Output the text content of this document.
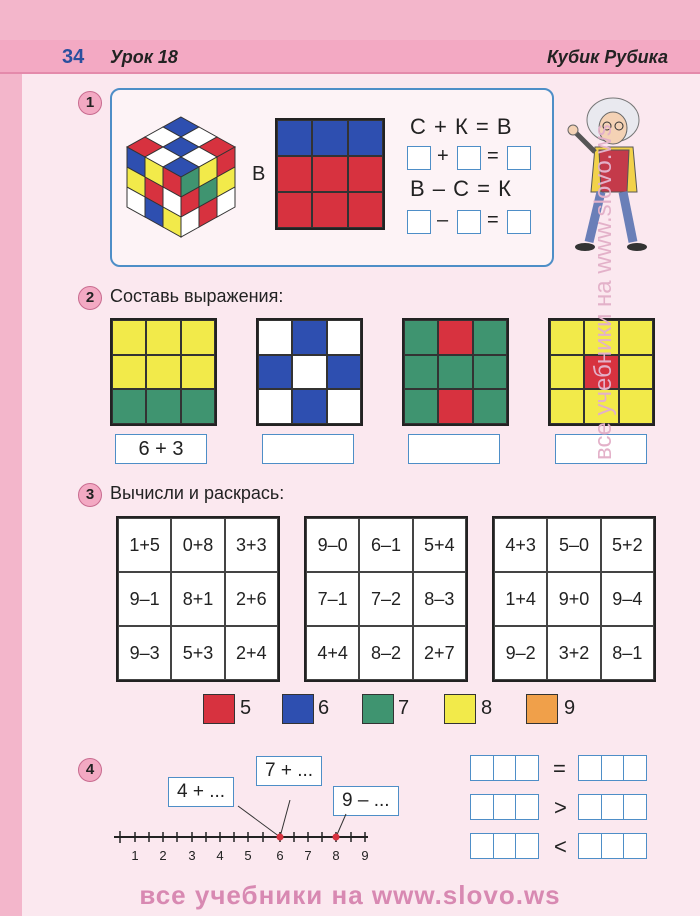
34 Урок 18	Кубик Рубика
1
В
С + К = В
+ =
В – С = К
– =
2 Составь выражения:
6 + 3
3 Вычисли и раскрась:
1+5	0+8	3+3
9–1	8+1	2+6
9–3	5+3	2+4
9–0	6–1	5+4
7–1	7–2	8–3
4+4	8–2	2+7
4+3	5–0	5+2
1+4	9+0	9–4
9–2	3+2	8–1
5	6	7	8	9
4
4 + ...
7 + ...
9 – ...
1 2 3 4 5 6 7 8 9
=
>
<
все учебники на www.slovo.ws
все учебники на www.slovo.ws
